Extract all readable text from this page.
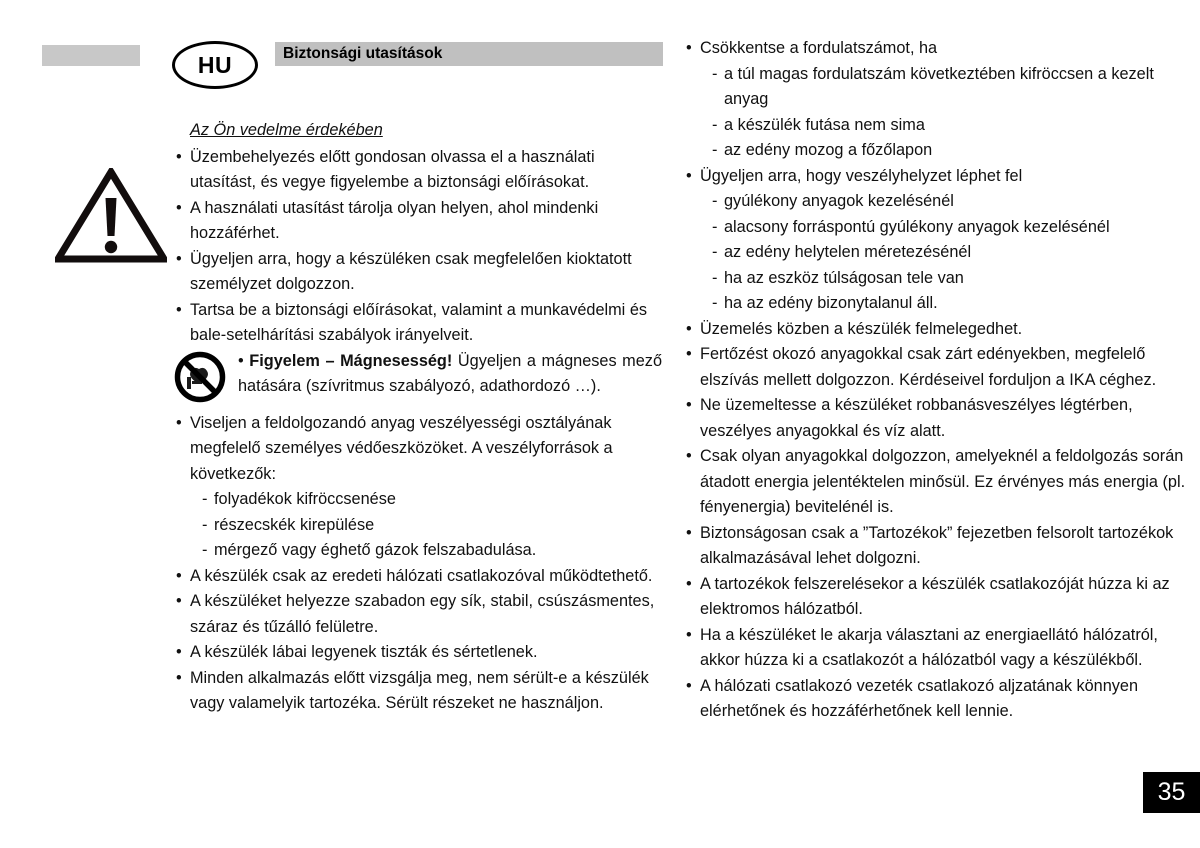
HU	Biztonsági utasítások
Az Ön vedelme érdekében

• Üzembehelyezés előtt gondosan olvassa el a használati utasítást, és vegye figyelembe a biztonsági előírásokat.

• A használati utasítást tárolja olyan helyen, ahol mindenki hozzáférhet.

• Ügyeljen arra, hogy a készüléken csak megfelelően kioktatott személyzet dolgozzon.

• Tartsa be a biztonsági előírásokat, valamint a munkavédelmi és bale-setelhárítási szabályok irányelveit.

• Figyelem – Mágnesesség! Ügyeljen a mágneses mező hatására (szívritmus szabályozó, adathordozó …).

• Viseljen a feldolgozandó anyag veszélyességi osztályának megfelelő személyes védőeszközöket. A veszélyforrások a következők:

- folyadékok kifröccsenése
- részecskék kirepülése
- mérgező vagy éghető gázok felszabadulása.

• A készülék csak az eredeti hálózati csatlakozóval működtethető.

• A készüléket helyezze szabadon egy sík, stabil, csúszásmentes, száraz és tűzálló felületre.

• A készülék lábai legyenek tiszták és sértetlenek.

• Minden alkalmazás előtt vizsgálja meg, nem sérült-e a készülék vagy valamelyik tartozéka. Sérült részeket ne használjon.

• Csökkentse a fordulatszámot, ha

- a túl magas fordulatszám következtében kifröccsen a kezelt anyag
- a készülék futása nem sima
- az edény mozog a főzőlapon

• Ügyeljen arra, hogy veszélyhelyzet léphet fel

- gyúlékony anyagok kezelésénél
- alacsony forráspontú gyúlékony anyagok kezelésénél
- az edény helytelen méretezésénél
- ha az eszköz túlságosan tele van
- ha az edény bizonytalanul áll.

• Üzemelés közben a készülék felmelegedhet.

• Fertőzést okozó anyagokkal csak zárt edényekben, megfelelő elszívás mellett dolgozzon. Kérdéseivel forduljon a IKA céghez.

• Ne üzemeltesse a készüléket robbanásveszélyes légtérben, veszélyes anyagokkal és víz alatt.

• Csak olyan anyagokkal dolgozzon, amelyeknél a feldolgozás során átadott energia jelentéktelen minősül. Ez érvényes más energia (pl. fényenergia) bevitelénél is.

• Biztonságosan csak a ”Tartozékok” fejezetben felsorolt tartozékok alkalmazásával lehet dolgozni.

• A tartozékok felszerelésekor a készülék csatlakozóját húzza ki az elektromos hálózatból.

• Ha a készüléket le akarja választani az energiaellátó hálózatról, akkor húzza ki a csatlakozót a hálózatból vagy a készülékből.

• A hálózati csatlakozó vezeték csatlakozó aljzatának könnyen elérhetőnek és hozzáférhetőnek kell lennie.

35
